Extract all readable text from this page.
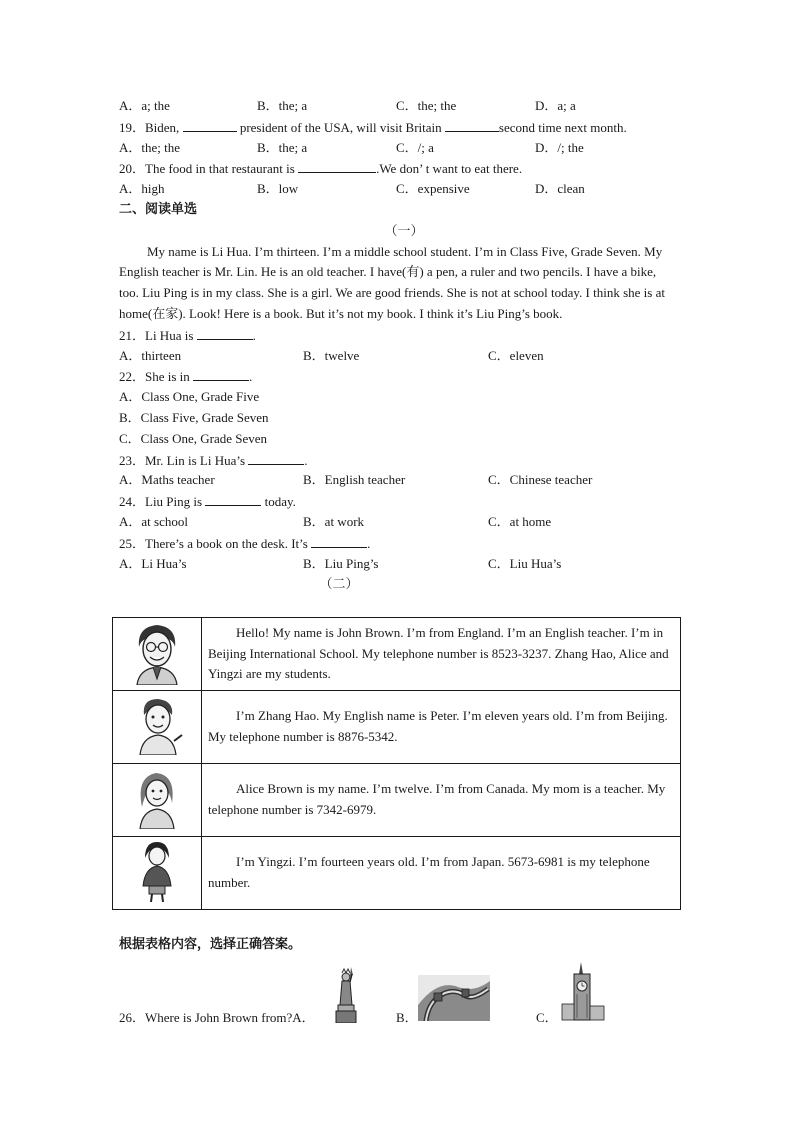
A．a; the	B．the; a	C．the; the	D．a; a
19．Biden,	president of the USA, will visit Britain	second time next month.
A．the; the	B．the; a	C．/; a	D．/; the
20．The food in that restaurant is	.We don’ t want to eat there.
A．high	B．low	C．expensive	D．clean
二、阅读单选
（一）
My name is Li Hua. I’m thirteen. I’m a middle school student. I’m in Class Five, Grade Seven. My English teacher is Mr. Lin. He is an old teacher. I have(有) a pen, a ruler and two pencils. I have a bike, too. Liu Ping is in my class. She is a girl. We are good friends. She is not at school today. I think she is at home(在家). Look! Here is a book. But it’s not my book. I think it’s Liu Ping’s book.
21．Li Hua is	.
A．thirteen	B．twelve	C．eleven
22．She is in	.
A．Class One, Grade Five
B．Class Five, Grade Seven
C．Class One, Grade Seven
23．Mr. Lin is Li Hua’s	.
A．Maths teacher	B．English teacher	C．Chinese teacher
24．Liu Ping is	today.
A．at school	B．at work	C．at home
25．There’s a book on the desk. It’s	.
A．Li Hua’s	B．Liu Ping’s	C．Liu Hua’s
（二）

Hello! My name is John Brown. I’m from England. I’m an English teacher. I’m in Beijing International School. My telephone number is 8523-3237. Zhang Hao, Alice and Yingzi are my students.

I’m Zhang Hao. My English name is Peter. I’m eleven years old. I’m from Beijing. My telephone number is 8876-5342.

Alice Brown is my name. I’m twelve. I’m from Canada. My mom is a teacher. My telephone number is 7342-6979.

I’m Yingzi. I’m fourteen years old. I’m from Japan. 5673-6981 is my telephone number.

根据表格内容，选择正确答案。
26．Where is John Brown from?A．	B．	C．
